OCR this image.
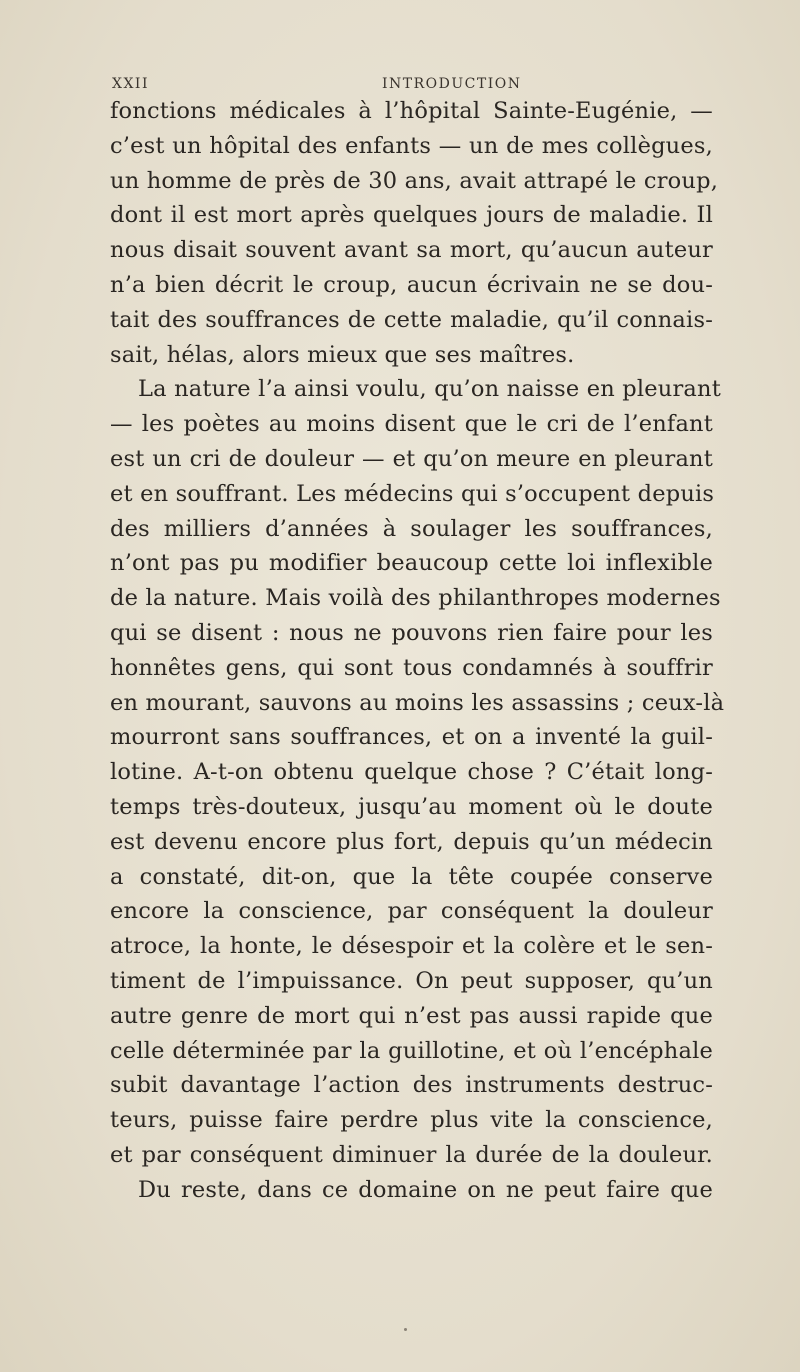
XXII	INTRODUCTION
fonctions médicales à l’hôpital Sainte-Eugénie, —
c’est un hôpital des enfants — un de mes collègues,
un homme de près de 30 ans, avait attrapé le croup,
dont il est mort après quelques jours de maladie. Il
nous disait souvent avant sa mort, qu’aucun auteur
n’a bien décrit le croup, aucun écrivain ne se dou-
tait des souffrances de cette maladie, qu’il connais-
sait, hélas, alors mieux que ses maîtres.
La nature l’a ainsi voulu, qu’on naisse en pleurant
— les poètes au moins disent que le cri de l’enfant
est un cri de douleur — et qu’on meure en pleurant
et en souffrant. Les médecins qui s’occupent depuis
des milliers d’années à soulager les souffrances,
n’ont pas pu modifier beaucoup cette loi inflexible
de la nature. Mais voilà des philanthropes modernes
qui se disent : nous ne pouvons rien faire pour les
honnêtes gens, qui sont tous condamnés à souffrir
en mourant, sauvons au moins les assassins ; ceux-là
mourront sans souffrances, et on a inventé la guil-
lotine. A-t-on obtenu quelque chose ? C’était long-
temps très-douteux, jusqu’au moment où le doute
est devenu encore plus fort, depuis qu’un médecin
a constaté, dit-on, que la tête coupée conserve
encore la conscience, par conséquent la douleur
atroce, la honte, le désespoir et la colère et le sen-
timent de l’impuissance. On peut supposer, qu’un
autre genre de mort qui n’est pas aussi rapide que
celle déterminée par la guillotine, et où l’encéphale
subit davantage l’action des instruments destruc-
teurs, puisse faire perdre plus vite la conscience,
et par conséquent diminuer la durée de la douleur.
Du reste, dans ce domaine on ne peut faire que
